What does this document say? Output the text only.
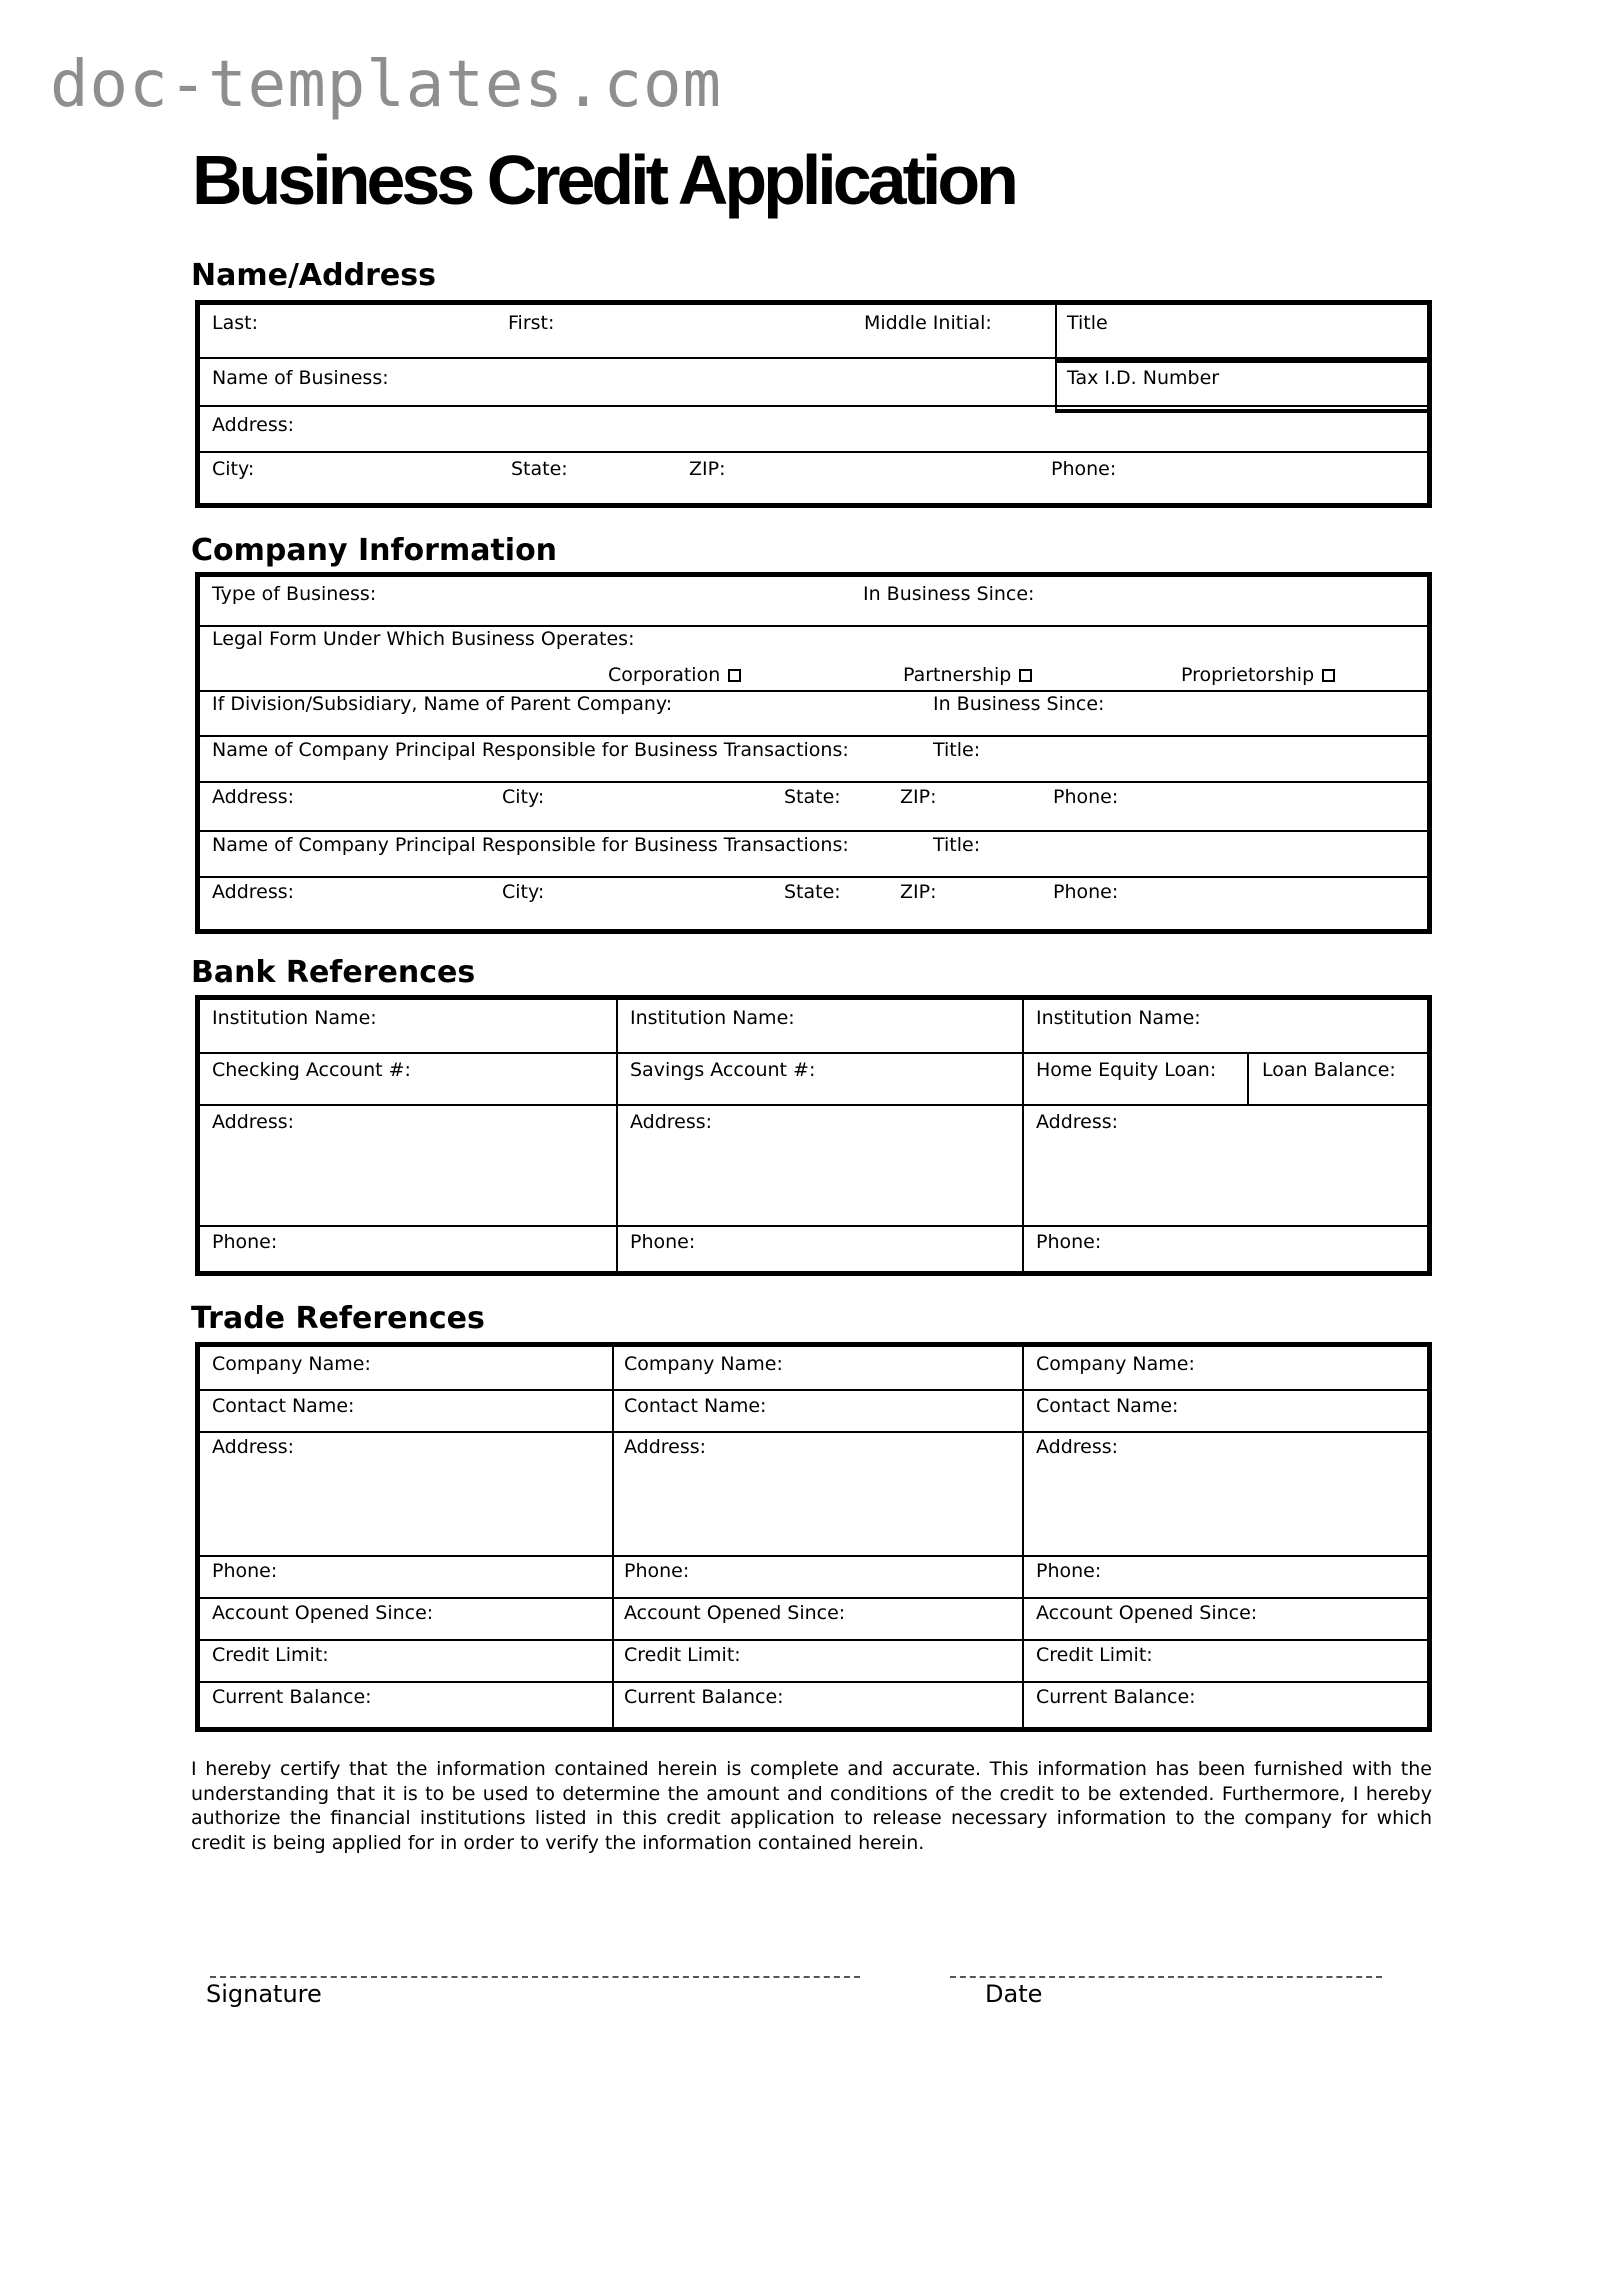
doc-templates.com
Business Credit Application
Name/Address
Last:	First:	Middle Initial:	Title
Name of Business:	Tax I.D. Number
Address:
City:	State:	ZIP:	Phone:
Company Information
Type of Business:	In Business Since:
Legal Form Under Which Business Operates:
Corporation	Partnership	Proprietorship
If Division/Subsidiary, Name of Parent Company:	In Business Since:
Name of Company Principal Responsible for Business Transactions:	Title:
Address:	City:	State:	ZIP:	Phone:
Name of Company Principal Responsible for Business Transactions:	Title:
Address:	City:	State:	ZIP:	Phone:
Bank References
Institution Name:	Institution Name:	Institution Name:
Checking Account #:	Savings Account #:	Home Equity Loan: Loan Balance:
Address:	Address:	Address:
Phone:	Phone:	Phone:
Trade References
Company Name:	Company Name:	Company Name:
Contact Name:	Contact Name:	Contact Name:
Address:	Address:	Address:
Phone:	Phone:	Phone:
Account Opened Since:	Account Opened Since:	Account Opened Since:
Credit Limit:	Credit Limit:	Credit Limit:
Current Balance:	Current Balance:	Current Balance:
I hereby certify that the information contained herein is complete and accurate. This information has been furnished with the understanding that it is to be used to determine the amount and conditions of the credit to be extended. Furthermore, I hereby authorize the financial institutions listed in this credit application to release necessary information to the company for which credit is being applied for in order to verify the information contained herein.
Signature	Date
